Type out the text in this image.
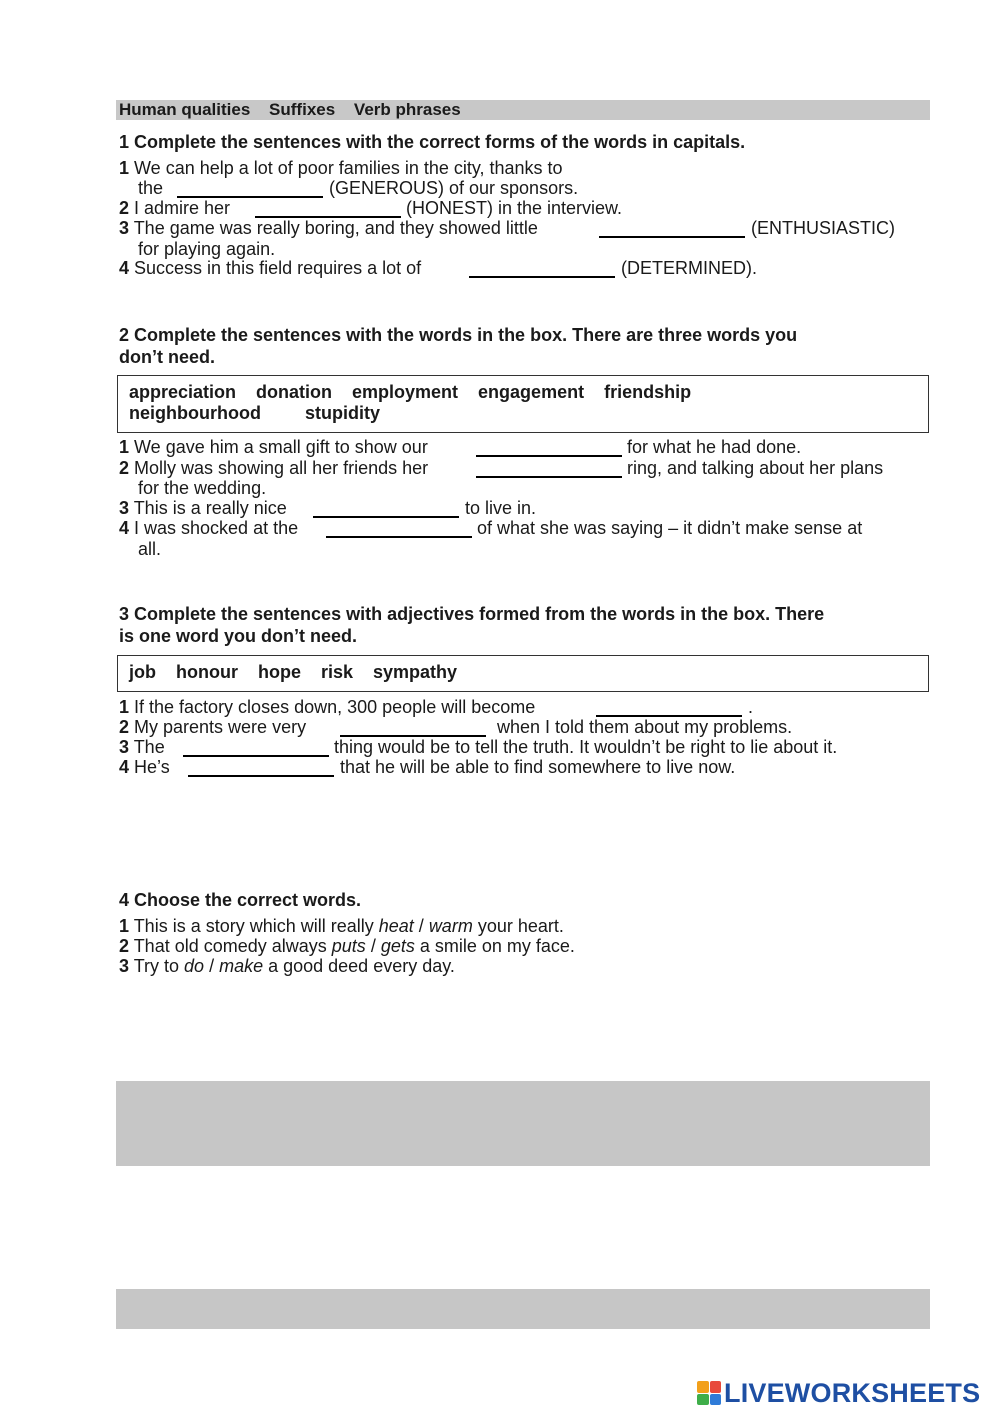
Human qualities Suffixes Verb phrases
1 Complete the sentences with the correct forms of the words in capitals.
1 We can help a lot of poor families in the city, thanks to
the	(GENEROUS) of our sponsors.
2 I admire her	(HONEST) in the interview.
3 The game was really boring, and they showed little	(ENTHUSIASTIC)
for playing again.
4 Success in this field requires a lot of	(DETERMINED).
2 Complete the sentences with the words in the box. There are three words you
don’t need.
appreciation donation employment engagement friendship
neighbourhood stupidity
1 We gave him a small gift to show our	for what he had done.
2 Molly was showing all her friends her	ring, and talking about her plans
for the wedding.
3 This is a really nice	to live in.
4 I was shocked at the	of what she was saying – it didn’t make sense at
all.
3 Complete the sentences with adjectives formed from the words in the box. There
is one word you don’t need.
job honour hope risk sympathy
1 If the factory closes down, 300 people will become	.
2 My parents were very	when I told them about my problems.
3 The	thing would be to tell the truth. It wouldn’t be right to lie about it.
4 He’s	that he will be able to find somewhere to live now.
4 Choose the correct words.
1 This is a story which will really heat / warm your heart.
2 That old comedy always puts / gets a smile on my face.
3 Try to do / make a good deed every day.
LIVEWORKSHEETS
